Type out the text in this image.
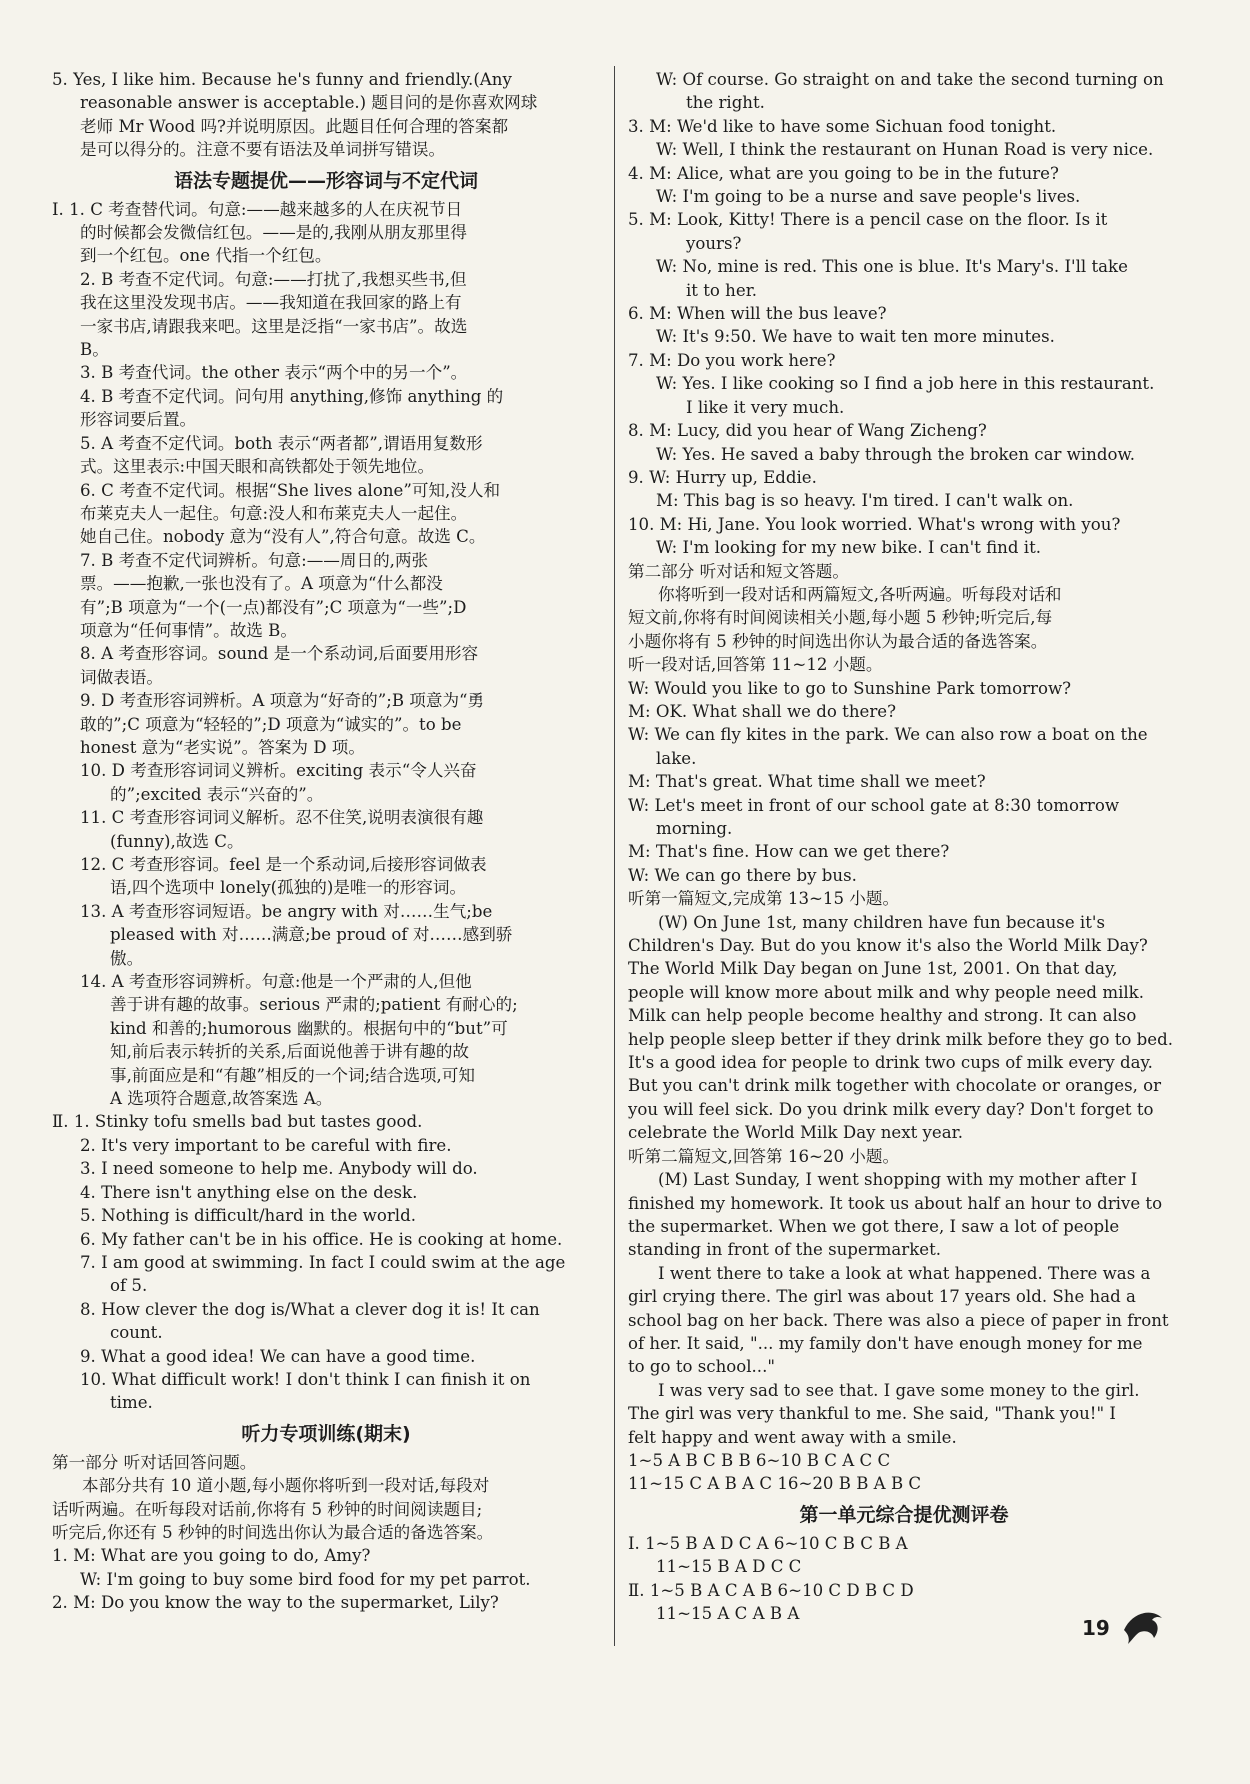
5. Yes, I like him. Because he's funny and friendly.(Any
reasonable answer is acceptable.) 题目问的是你喜欢网球
老师 Mr Wood 吗?并说明原因。此题目任何合理的答案都
是可以得分的。注意不要有语法及单词拼写错误。
语法专题提优——形容词与不定代词
Ⅰ. 1. C 考查替代词。句意:——越来越多的人在庆祝节日
的时候都会发微信红包。——是的,我刚从朋友那里得
到一个红包。one 代指一个红包。
2. B 考查不定代词。句意:——打扰了,我想买些书,但
我在这里没发现书店。——我知道在我回家的路上有
一家书店,请跟我来吧。这里是泛指“一家书店”。故选
B。
3. B 考查代词。the other 表示“两个中的另一个”。
4. B 考查不定代词。问句用 anything,修饰 anything 的
形容词要后置。
5. A 考查不定代词。both 表示“两者都”,谓语用复数形
式。这里表示:中国天眼和高铁都处于领先地位。
6. C 考查不定代词。根据“She lives alone”可知,没人和
布莱克夫人一起住。句意:没人和布莱克夫人一起住。
她自己住。nobody 意为“没有人”,符合句意。故选 C。
7. B 考查不定代词辨析。句意:——周日的,两张
票。——抱歉,一张也没有了。A 项意为“什么都没
有”;B 项意为“一个(一点)都没有”;C 项意为“一些”;D
项意为“任何事情”。故选 B。
8. A 考查形容词。sound 是一个系动词,后面要用形容
词做表语。
9. D 考查形容词辨析。A 项意为“好奇的”;B 项意为“勇
敢的”;C 项意为“轻轻的”;D 项意为“诚实的”。to be
honest 意为“老实说”。答案为 D 项。
10. D 考查形容词词义辨析。exciting 表示“令人兴奋
的”;excited 表示“兴奋的”。
11. C 考查形容词词义解析。忍不住笑,说明表演很有趣
(funny),故选 C。
12. C 考查形容词。feel 是一个系动词,后接形容词做表
语,四个选项中 lonely(孤独的)是唯一的形容词。
13. A 考查形容词短语。be angry with 对……生气;be
pleased with 对……满意;be proud of 对……感到骄
傲。
14. A 考查形容词辨析。句意:他是一个严肃的人,但他
善于讲有趣的故事。serious 严肃的;patient 有耐心的;
kind 和善的;humorous 幽默的。根据句中的“but”可
知,前后表示转折的关系,后面说他善于讲有趣的故
事,前面应是和“有趣”相反的一个词;结合选项,可知
A 选项符合题意,故答案选 A。
Ⅱ. 1. Stinky tofu smells bad but tastes good.
2. It's very important to be careful with fire.
3. I need someone to help me. Anybody will do.
4. There isn't anything else on the desk.
5. Nothing is difficult/hard in the world.
6. My father can't be in his office. He is cooking at home.
7. I am good at swimming. In fact I could swim at the age
of 5.
8. How clever the dog is/What a clever dog it is! It can
count.
9. What a good idea! We can have a good time.
10. What difficult work! I don't think I can finish it on
time.
听力专项训练(期末)
第一部分 听对话回答问题。
本部分共有 10 道小题,每小题你将听到一段对话,每段对
话听两遍。在听每段对话前,你将有 5 秒钟的时间阅读题目;
听完后,你还有 5 秒钟的时间选出你认为最合适的备选答案。
1. M: What are you going to do, Amy?
W: I'm going to buy some bird food for my pet parrot.
2. M: Do you know the way to the supermarket, Lily?
W: Of course. Go straight on and take the second turning on
the right.
3. M: We'd like to have some Sichuan food tonight.
W: Well, I think the restaurant on Hunan Road is very nice.
4. M: Alice, what are you going to be in the future?
W: I'm going to be a nurse and save people's lives.
5. M: Look, Kitty! There is a pencil case on the floor. Is it
yours?
W: No, mine is red. This one is blue. It's Mary's. I'll take
it to her.
6. M: When will the bus leave?
W: It's 9:50. We have to wait ten more minutes.
7. M: Do you work here?
W: Yes. I like cooking so I find a job here in this restaurant.
I like it very much.
8. M: Lucy, did you hear of Wang Zicheng?
W: Yes. He saved a baby through the broken car window.
9. W: Hurry up, Eddie.
M: This bag is so heavy. I'm tired. I can't walk on.
10. M: Hi, Jane. You look worried. What's wrong with you?
W: I'm looking for my new bike. I can't find it.
第二部分 听对话和短文答题。
你将听到一段对话和两篇短文,各听两遍。听每段对话和
短文前,你将有时间阅读相关小题,每小题 5 秒钟;听完后,每
小题你将有 5 秒钟的时间选出你认为最合适的备选答案。
听一段对话,回答第 11~12 小题。
W: Would you like to go to Sunshine Park tomorrow?
M: OK. What shall we do there?
W: We can fly kites in the park. We can also row a boat on the
lake.
M: That's great. What time shall we meet?
W: Let's meet in front of our school gate at 8:30 tomorrow
morning.
M: That's fine. How can we get there?
W: We can go there by bus.
听第一篇短文,完成第 13~15 小题。
(W) On June 1st, many children have fun because it's
Children's Day. But do you know it's also the World Milk Day?
The World Milk Day began on June 1st, 2001. On that day,
people will know more about milk and why people need milk.
Milk can help people become healthy and strong. It can also
help people sleep better if they drink milk before they go to bed.
It's a good idea for people to drink two cups of milk every day.
But you can't drink milk together with chocolate or oranges, or
you will feel sick. Do you drink milk every day? Don't forget to
celebrate the World Milk Day next year.
听第二篇短文,回答第 16~20 小题。
(M) Last Sunday, I went shopping with my mother after I
finished my homework. It took us about half an hour to drive to
the supermarket. When we got there, I saw a lot of people
standing in front of the supermarket.
I went there to take a look at what happened. There was a
girl crying there. The girl was about 17 years old. She had a
school bag on her back. There was also a piece of paper in front
of her. It said, "... my family don't have enough money for me
to go to school..."
I was very sad to see that. I gave some money to the girl.
The girl was very thankful to me. She said, "Thank you!" I
felt happy and went away with a smile.
1~5 A B C B B 6~10 B C A C C
11~15 C A B A C 16~20 B B A B C
第一单元综合提优测评卷
Ⅰ. 1~5 B A D C A 6~10 C B C B A
11~15 B A D C C
Ⅱ. 1~5 B A C A B 6~10 C D B C D
11~15 A C A B A
19
